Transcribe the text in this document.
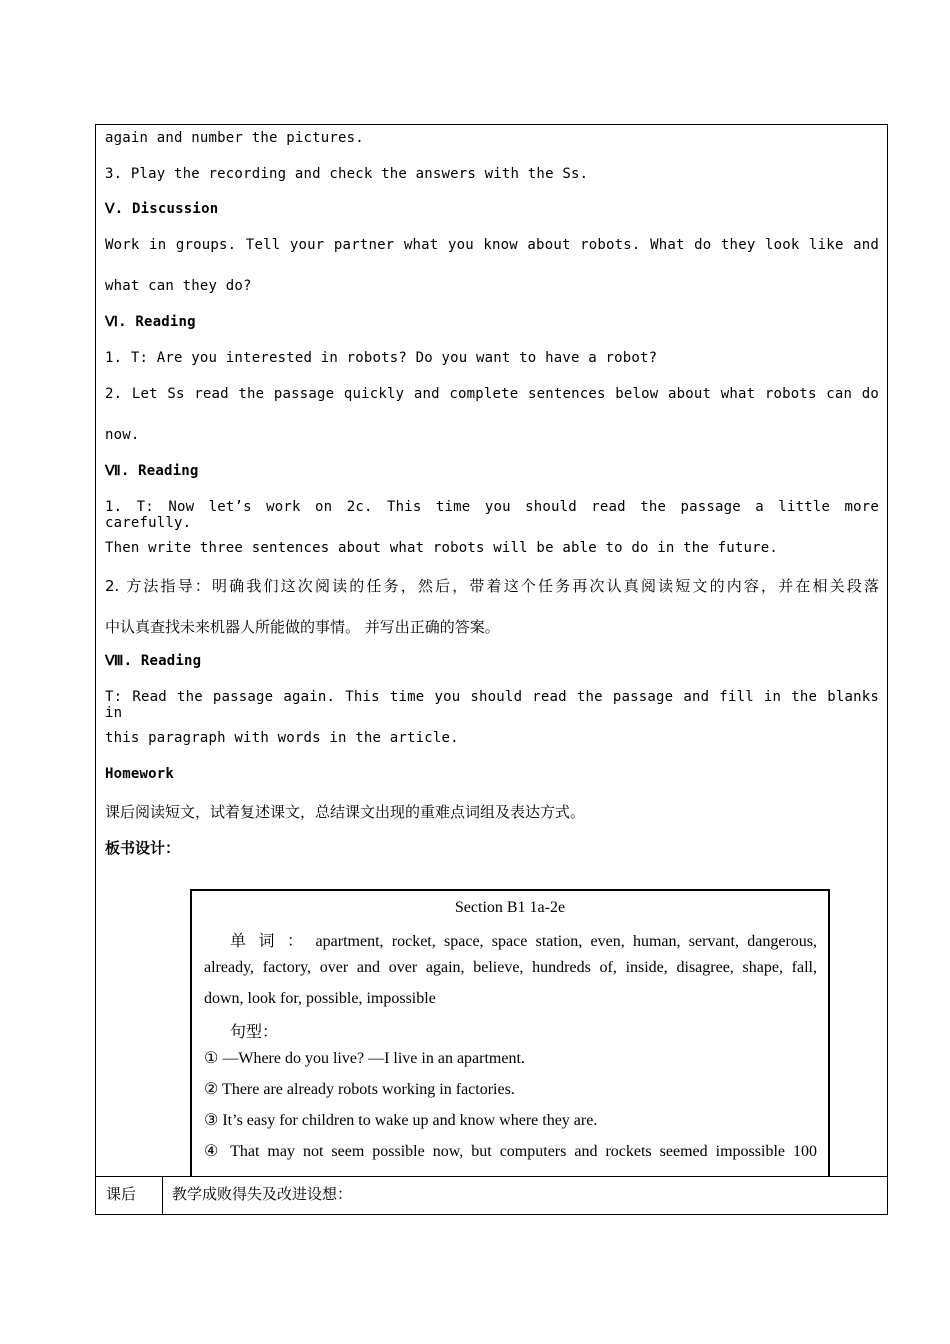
again and number the pictures.
3. Play the recording and check the answers with the Ss.
Ⅴ. Discussion
Work in groups. Tell your partner what you know about robots. What do they look like and
what can they do?
Ⅵ. Reading
1. T: Are you interested in robots? Do you want to have a robot?
2. Let Ss read the passage quickly and complete sentences below about what robots can do
now.
Ⅶ. Reading
1. T: Now let’s work on 2c. This time you should read the passage a little more carefully.
Then write three sentences about what robots will be able to do in the future.
2. 方法指导：明确我们这次阅读的任务，然后，带着这个任务再次认真阅读短文的内容，并在相关段落
中认真查找未来机器人所能做的事情。 并写出正确的答案。
Ⅷ. Reading
T: Read the passage again. This time you should read the passage and fill in the blanks in
this paragraph with words in the article.
Homework
课后阅读短文，试着复述课文，总结课文出现的重难点词组及表达方式。
板书设计：
Section B1 1a-2e
单 词 ： apartment, rocket, space, space station, even, human, servant, dangerous,
already, factory, over and over again, believe, hundreds of, inside, disagree, shape, fall,
down, look for, possible, impossible
句型：
① —Where do you live? —I live in an apartment.
② There are already robots working in factories.
③ It’s easy for children to wake up and know where they are.
④ That may not seem possible now, but computers and rockets seemed impossible 100
课后 教学成败得失及改进设想：
